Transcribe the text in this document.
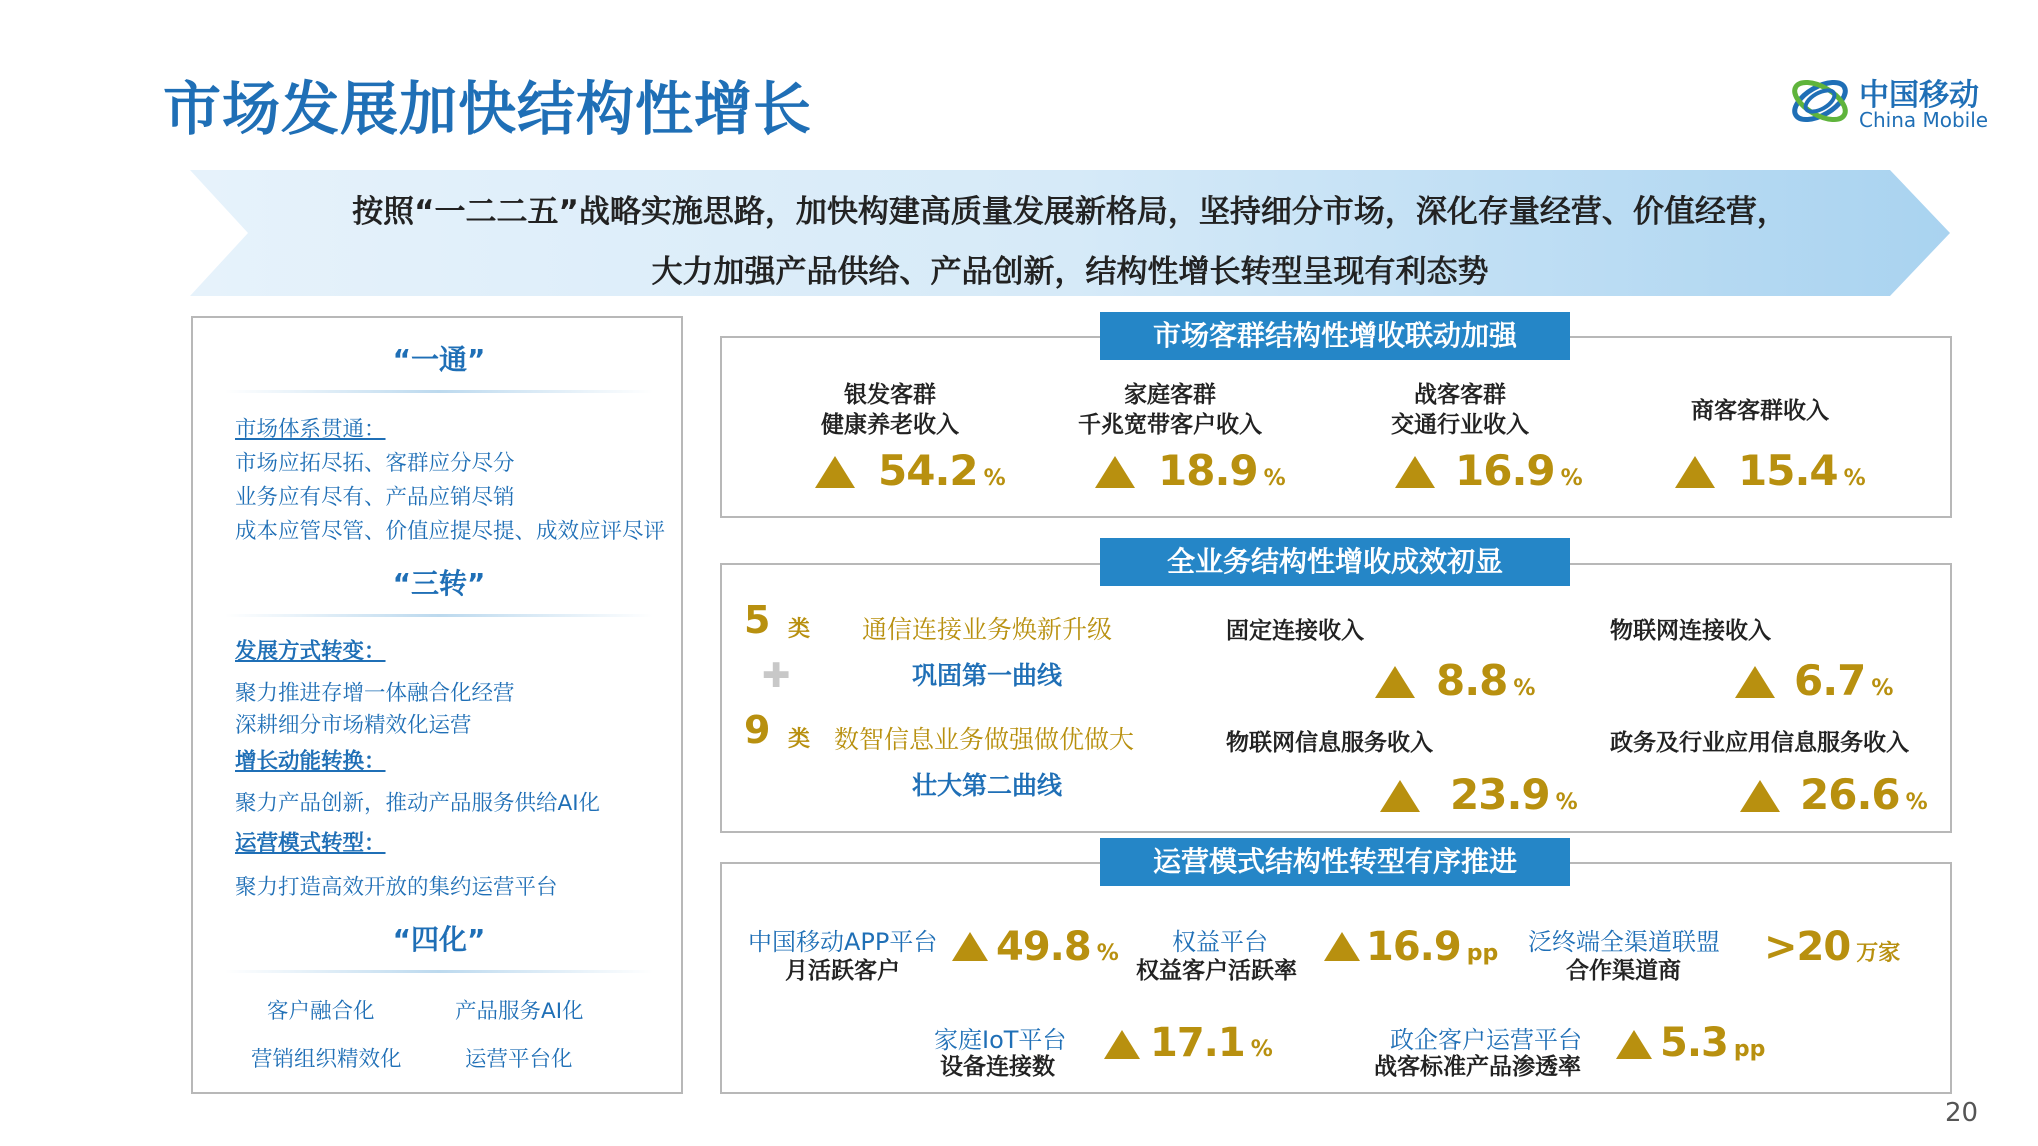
市场发展加快结构性增长	中国移动
China Mobile
按照“一二二五”战略实施思路，加快构建高质量发展新格局，坚持细分市场，深化存量经营、价值经营，
大力加强产品供给、产品创新，结构性增长转型呈现有利态势
“一通”
市场体系贯通：
市场应拓尽拓、客群应分尽分
业务应有尽有、产品应销尽销
成本应管尽管、价值应提尽提、成效应评尽评
“三转”
发展方式转变：
聚力推进存增一体融合化经营
深耕细分市场精效化运营
增长动能转换：
聚力产品创新，推动产品服务供给AI化
运营模式转型：
聚力打造高效开放的集约运营平台
“四化”
客户融合化	产品服务AI化
营销组织精效化	运营平台化
市场客群结构性增收联动加强
银发客群
健康养老收入
54.2 %
家庭客群
千兆宽带客户收入
18.9 %
战客客群
交通行业收入
16.9 %
商客客群收入
15.4 %
全业务结构性增收成效初显
5 类 通信连接业务焕新升级
巩固第一曲线
✚
9 类 数智信息业务做强做优做大
壮大第二曲线
固定连接收入
8.8 %
物联网连接收入
6.7 %
物联网信息服务收入
23.9 %
政务及行业应用信息服务收入
26.6 %
运营模式结构性转型有序推进
中国移动APP平台
月活跃客户
49.8 % 权益平台
权益客户活跃率
16.9 pp 泛终端全渠道联盟
合作渠道商
>20 万家
家庭IoT平台
设备连接数
17.1 %	政企客户运营平台
战客标准产品渗透率
5.3 pp
20
